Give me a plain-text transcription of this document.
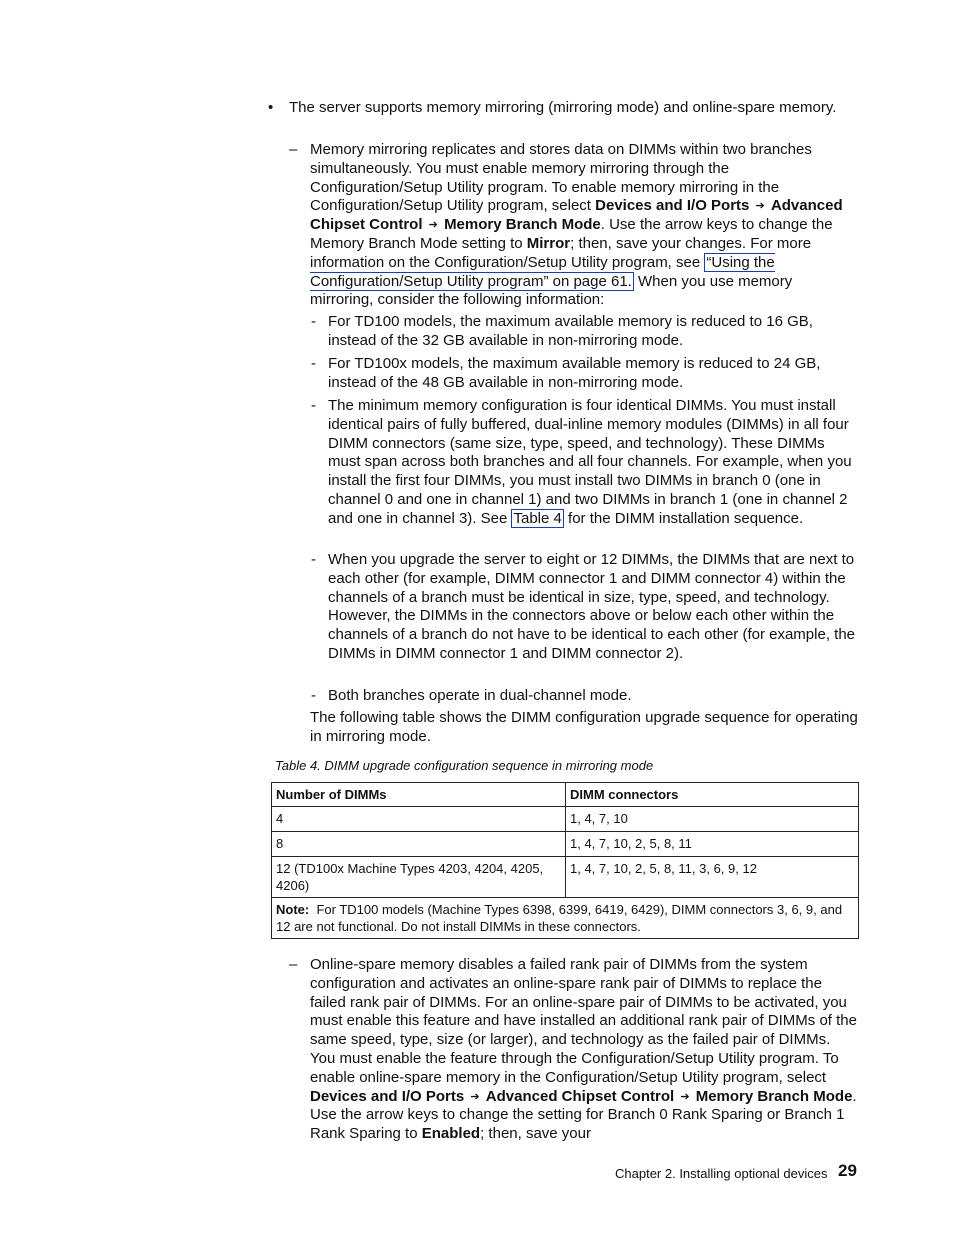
• The server supports memory mirroring (mirroring mode) and online-spare memory.

– Memory mirroring replicates and stores data on DIMMs within two branches simultaneously. You must enable memory mirroring through the Configuration/Setup Utility program. To enable memory mirroring in the Configuration/Setup Utility program, select Devices and I/O Ports ➔ Advanced Chipset Control ➔ Memory Branch Mode. Use the arrow keys to change the Memory Branch Mode setting to Mirror; then, save your changes. For more information on the Configuration/Setup Utility program, see “Using the Configuration/Setup Utility program” on page 61. When you use memory mirroring, consider the following information:

- For TD100 models, the maximum available memory is reduced to 16 GB, instead of the 32 GB available in non-mirroring mode.

- For TD100x models, the maximum available memory is reduced to 24 GB, instead of the 48 GB available in non-mirroring mode.

- The minimum memory configuration is four identical DIMMs. You must install identical pairs of fully buffered, dual-inline memory modules (DIMMs) in all four DIMM connectors (same size, type, speed, and technology). These DIMMs must span across both branches and all four channels. For example, when you install the first four DIMMs, you must install two DIMMs in branch 0 (one in channel 0 and one in channel 1) and two DIMMs in branch 1 (one in channel 2 and one in channel 3). See Table 4 for the DIMM installation sequence.

- When you upgrade the server to eight or 12 DIMMs, the DIMMs that are next to each other (for example, DIMM connector 1 and DIMM connector 4) within the channels of a branch must be identical in size, type, speed, and technology. However, the DIMMs in the connectors above or below each other within the channels of a branch do not have to be identical to each other (for example, the DIMMs in DIMM connector 1 and DIMM connector 2).

- Both branches operate in dual-channel mode.

The following table shows the DIMM configuration upgrade sequence for operating in mirroring mode.

Table 4. DIMM upgrade configuration sequence in mirroring mode
Number of DIMMs	DIMM connectors
4	1, 4, 7, 10
8	1, 4, 7, 10, 2, 5, 8, 11
12 (TD100x Machine Types 4203, 4204, 4205, 4206)	1, 4, 7, 10, 2, 5, 8, 11, 3, 6, 9, 12
Note: For TD100 models (Machine Types 6398, 6399, 6419, 6429), DIMM connectors 3, 6, 9, and 12 are not functional. Do not install DIMMs in these connectors.	
– Online-spare memory disables a failed rank pair of DIMMs from the system configuration and activates an online-spare rank pair of DIMMs to replace the failed rank pair of DIMMs. For an online-spare pair of DIMMs to be activated, you must enable this feature and have installed an additional rank pair of DIMMs of the same speed, type, size (or larger), and technology as the failed pair of DIMMs. You must enable the feature through the Configuration/Setup Utility program. To enable online-spare memory in the Configuration/Setup Utility program, select Devices and I/O Ports ➔ Advanced Chipset Control ➔ Memory Branch Mode. Use the arrow keys to change the setting for Branch 0 Rank Sparing or Branch 1 Rank Sparing to Enabled; then, save your

Chapter 2. Installing optional devices 29
